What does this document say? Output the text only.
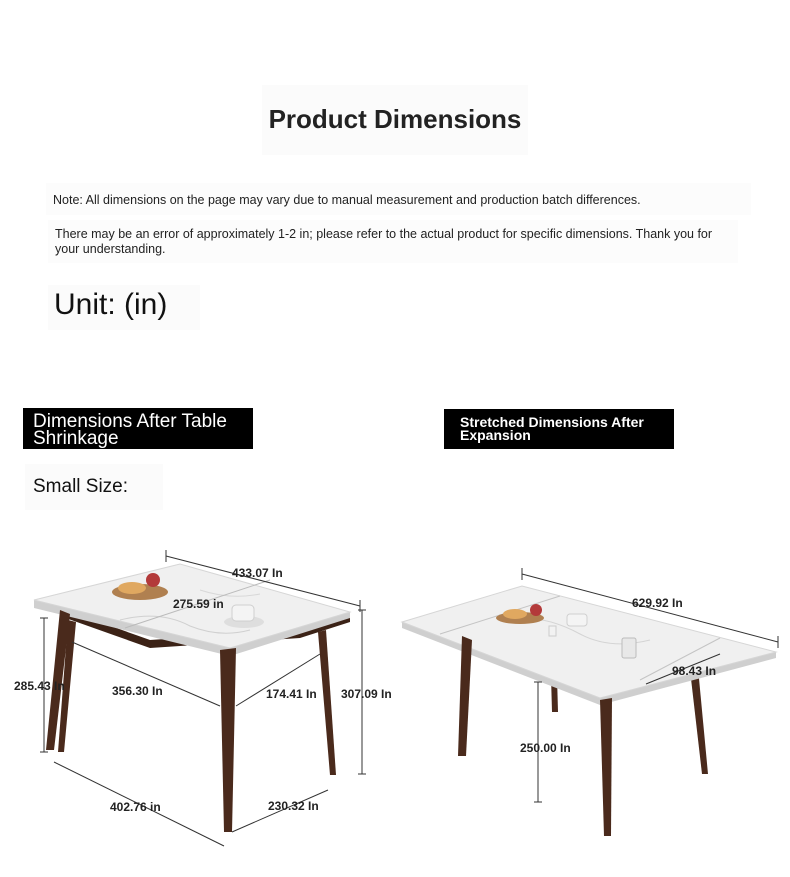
Product Dimensions
Note: All dimensions on the page may vary due to manual measurement and production batch differences.
There may be an error of approximately 1-2 in; please refer to the actual product for specific dimensions. Thank you for your understanding.
Unit: (in)
Dimensions After Table Shrinkage
Stretched Dimensions After Expansion
Small Size:
433.07 In
275.59 in
285.43 In	356.30 In	174.41 In 307.09 In
402.76 in	230.32 In
629.92 In
98.43 In
250.00 In
